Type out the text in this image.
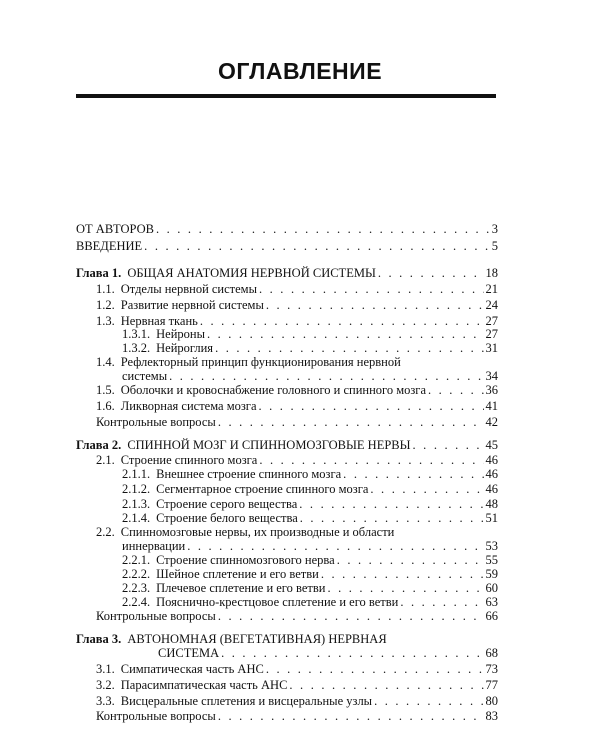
ОГЛАВЛЕНИЕ
ОТ АВТОРОВ . . .	3
ВВЕДЕНИЕ . . .	5
Глава 1. ОБЩАЯ АНАТОМИЯ НЕРВНОЙ СИСТЕМЫ . . .	18
1.1. Отделы нервной системы . . .	21
1.2. Развитие нервной системы . . .	24
1.3. Нервная ткань . . .	27
1.3.1. Нейроны . . .	27
1.3.2. Нейроглия . . .	31
1.4. Рефлекторный принцип функционирования нервной
системы . . .	34
1.5. Оболочки и кровоснабжение головного и спинного мозга . . .	36
1.6. Ликворная система мозга . . .	41
Контрольные вопросы . . .	42
Глава 2. СПИННОЙ МОЗГ И СПИННОМОЗГОВЫЕ НЕРВЫ . . .	45
2.1. Строение спинного мозга . . .	46
2.1.1. Внешнее строение спинного мозга . . .	46
2.1.2. Сегментарное строение спинного мозга . . .	46
2.1.3. Строение серого вещества . . .	48
2.1.4. Строение белого вещества . . .	51
2.2. Спинномозговые нервы, их производные и области
иннервации . . .	53
2.2.1. Строение спинномозгового нерва . . .	55
2.2.2. Шейное сплетение и его ветви . . .	59
2.2.3. Плечевое сплетение и его ветви . . .	60
2.2.4. Пояснично-крестцовое сплетение и его ветви . . .	63
Контрольные вопросы . . .	66
Глава 3. АВТОНОМНАЯ (ВЕГЕТАТИВНАЯ) НЕРВНАЯ
СИСТЕМА . . .	68
3.1. Симпатическая часть АНС . . .	73
3.2. Парасимпатическая часть АНС . . .	77
3.3. Висцеральные сплетения и висцеральные узлы . . .	80
Контрольные вопросы . . .	83
